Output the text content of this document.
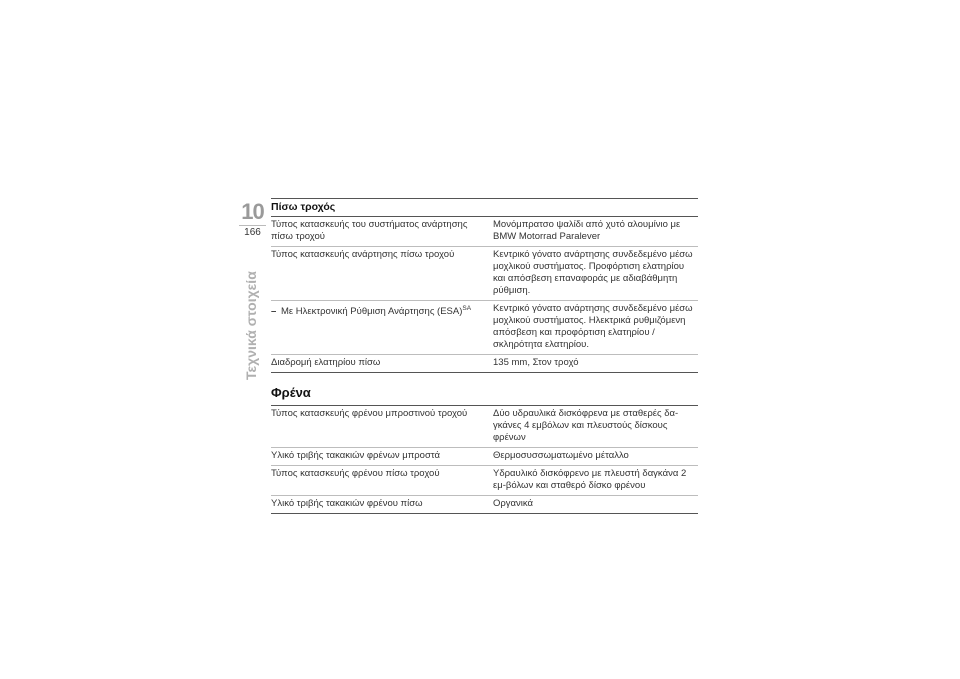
10
166
Τεχνικά στοιχεία
Πίσω τροχός
Τύπος κατασκευής του συστήματος ανάρτησης πίσω τροχού	Μονόμπρατσο ψαλίδι από χυτό αλουμίνιο με BMW Motorrad Paralever
Τύπος κατασκευής ανάρτησης πίσω τροχού	Κεντρικό γόνατο ανάρτησης συνδεδεμένο μέσω μοχλικού συστήματος. Προφόρτιση ελατηρίου και απόσβεση επαναφοράς με αδιαβάθμητη ρύθμιση.
– Με Ηλεκτρονική Ρύθμιση Ανάρτησης (ESA)$^{SA}$	Κεντρικό γόνατο ανάρτησης συνδεδεμένο μέσω μοχλικού συστήματος. Ηλεκτρικά ρυθμιζόμενη απόσβεση και προφόρτιση ελατηρίου / σκληρότητα ελατηρίου.
Διαδρομή ελατηρίου πίσω	135 mm, Στον τροχό
Φρένα
Τύπος κατασκευής φρένου μπροστινού τροχού	Δύο υδραυλικά δισκόφρενα με σταθερές δα-γκάνες 4 εμβόλων και πλευστούς δίσκους φρένων
Υλικό τριβής τακακιών φρένων μπροστά	Θερμοσυσσωματωμένο μέταλλο
Τύπος κατασκευής φρένου πίσω τροχού	Υδραυλικό δισκόφρενο με πλευστή δαγκάνα 2 εμ-βόλων και σταθερό δίσκο φρένου
Υλικό τριβής τακακιών φρένου πίσω	Οργανικά
